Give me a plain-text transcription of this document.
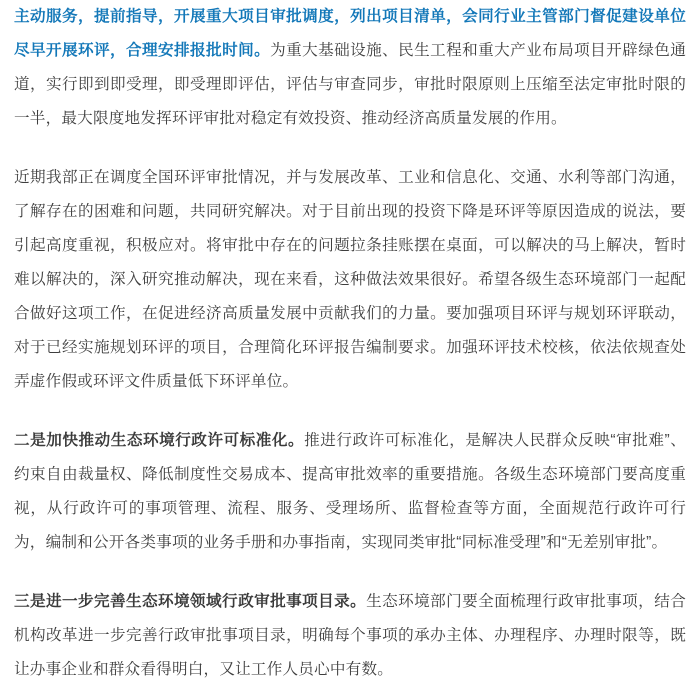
主动服务，提前指导，开展重大项目审批调度，列出项目清单，会同行业主管部门督促建设单位尽早开展环评，合理安排报批时间。为重大基础设施、民生工程和重大产业布局项目开辟绿色通道，实行即到即受理，即受理即评估，评估与审查同步，审批时限原则上压缩至法定审批时限的一半，最大限度地发挥环评审批对稳定有效投资、推动经济高质量发展的作用。

近期我部正在调度全国环评审批情况，并与发展改革、工业和信息化、交通、水利等部门沟通，了解存在的困难和问题，共同研究解决。对于目前出现的投资下降是环评等原因造成的说法，要引起高度重视，积极应对。将审批中存在的问题拉条挂账摆在桌面，可以解决的马上解决，暂时难以解决的，深入研究推动解决，现在来看，这种做法效果很好。希望各级生态环境部门一起配合做好这项工作，在促进经济高质量发展中贡献我们的力量。要加强项目环评与规划环评联动，对于已经实施规划环评的项目，合理简化环评报告编制要求。加强环评技术校核，依法依规查处弄虚作假或环评文件质量低下环评单位。

二是加快推动生态环境行政许可标准化。推进行政许可标准化，是解决人民群众反映“审批难”、约束自由裁量权、降低制度性交易成本、提高审批效率的重要措施。各级生态环境部门要高度重视，从行政许可的事项管理、流程、服务、受理场所、监督检查等方面，全面规范行政许可行为，编制和公开各类事项的业务手册和办事指南，实现同类审批“同标准受理”和“无差别审批”。

三是进一步完善生态环境领域行政审批事项目录。生态环境部门要全面梳理行政审批事项，结合机构改革进一步完善行政审批事项目录，明确每个事项的承办主体、办理程序、办理时限等，既让办事企业和群众看得明白，又让工作人员心中有数。
